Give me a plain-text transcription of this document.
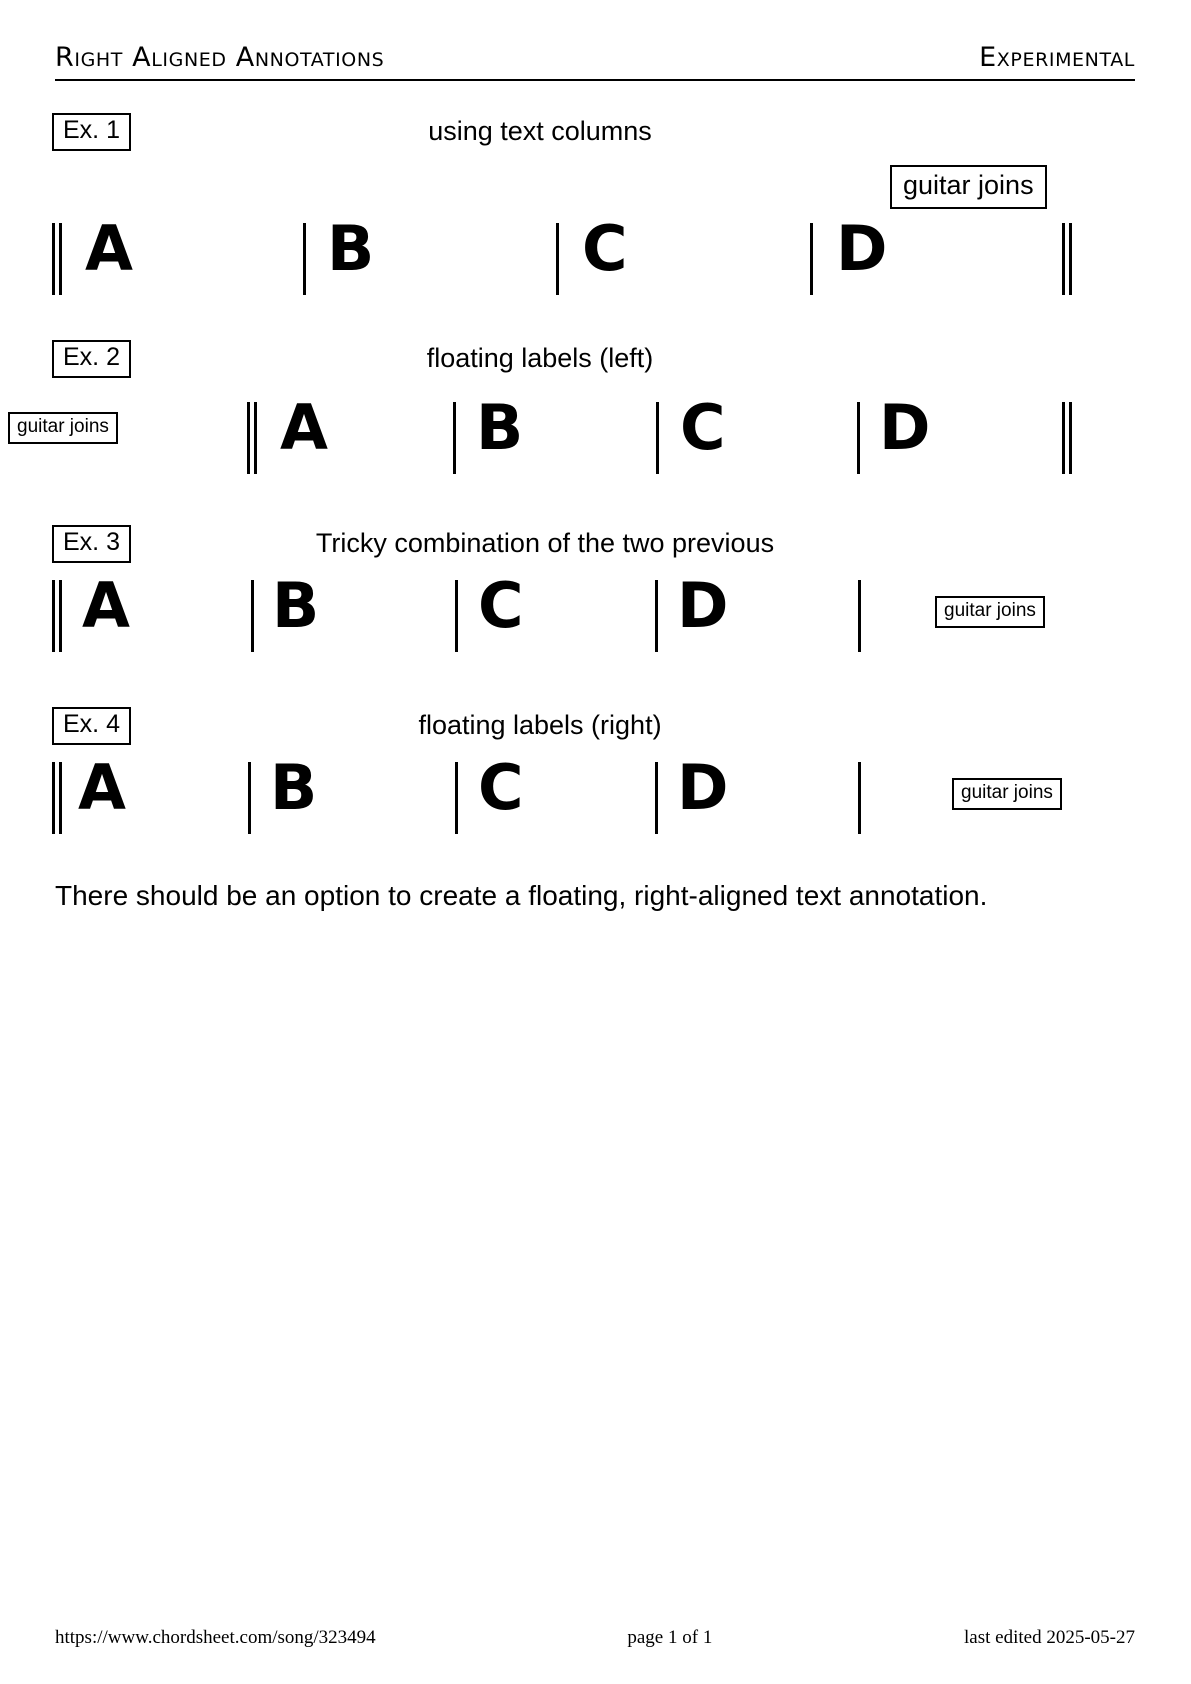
Right Aligned Annotations	Experimental
Ex. 1	using text columns
guitar joins
A	B	C	D
Ex. 2	floating labels (left)
guitar joins	A B	C D
Ex. 3	Tricky combination of the two previous
guitar joins
A B	C D
Ex. 4	floating labels (right)
guitar joins
A B	C D
There should be an option to create a floating, right-aligned text annotation.
https://www.chordsheet.com/song/323494	page 1 of 1	last edited 2025-05-27
